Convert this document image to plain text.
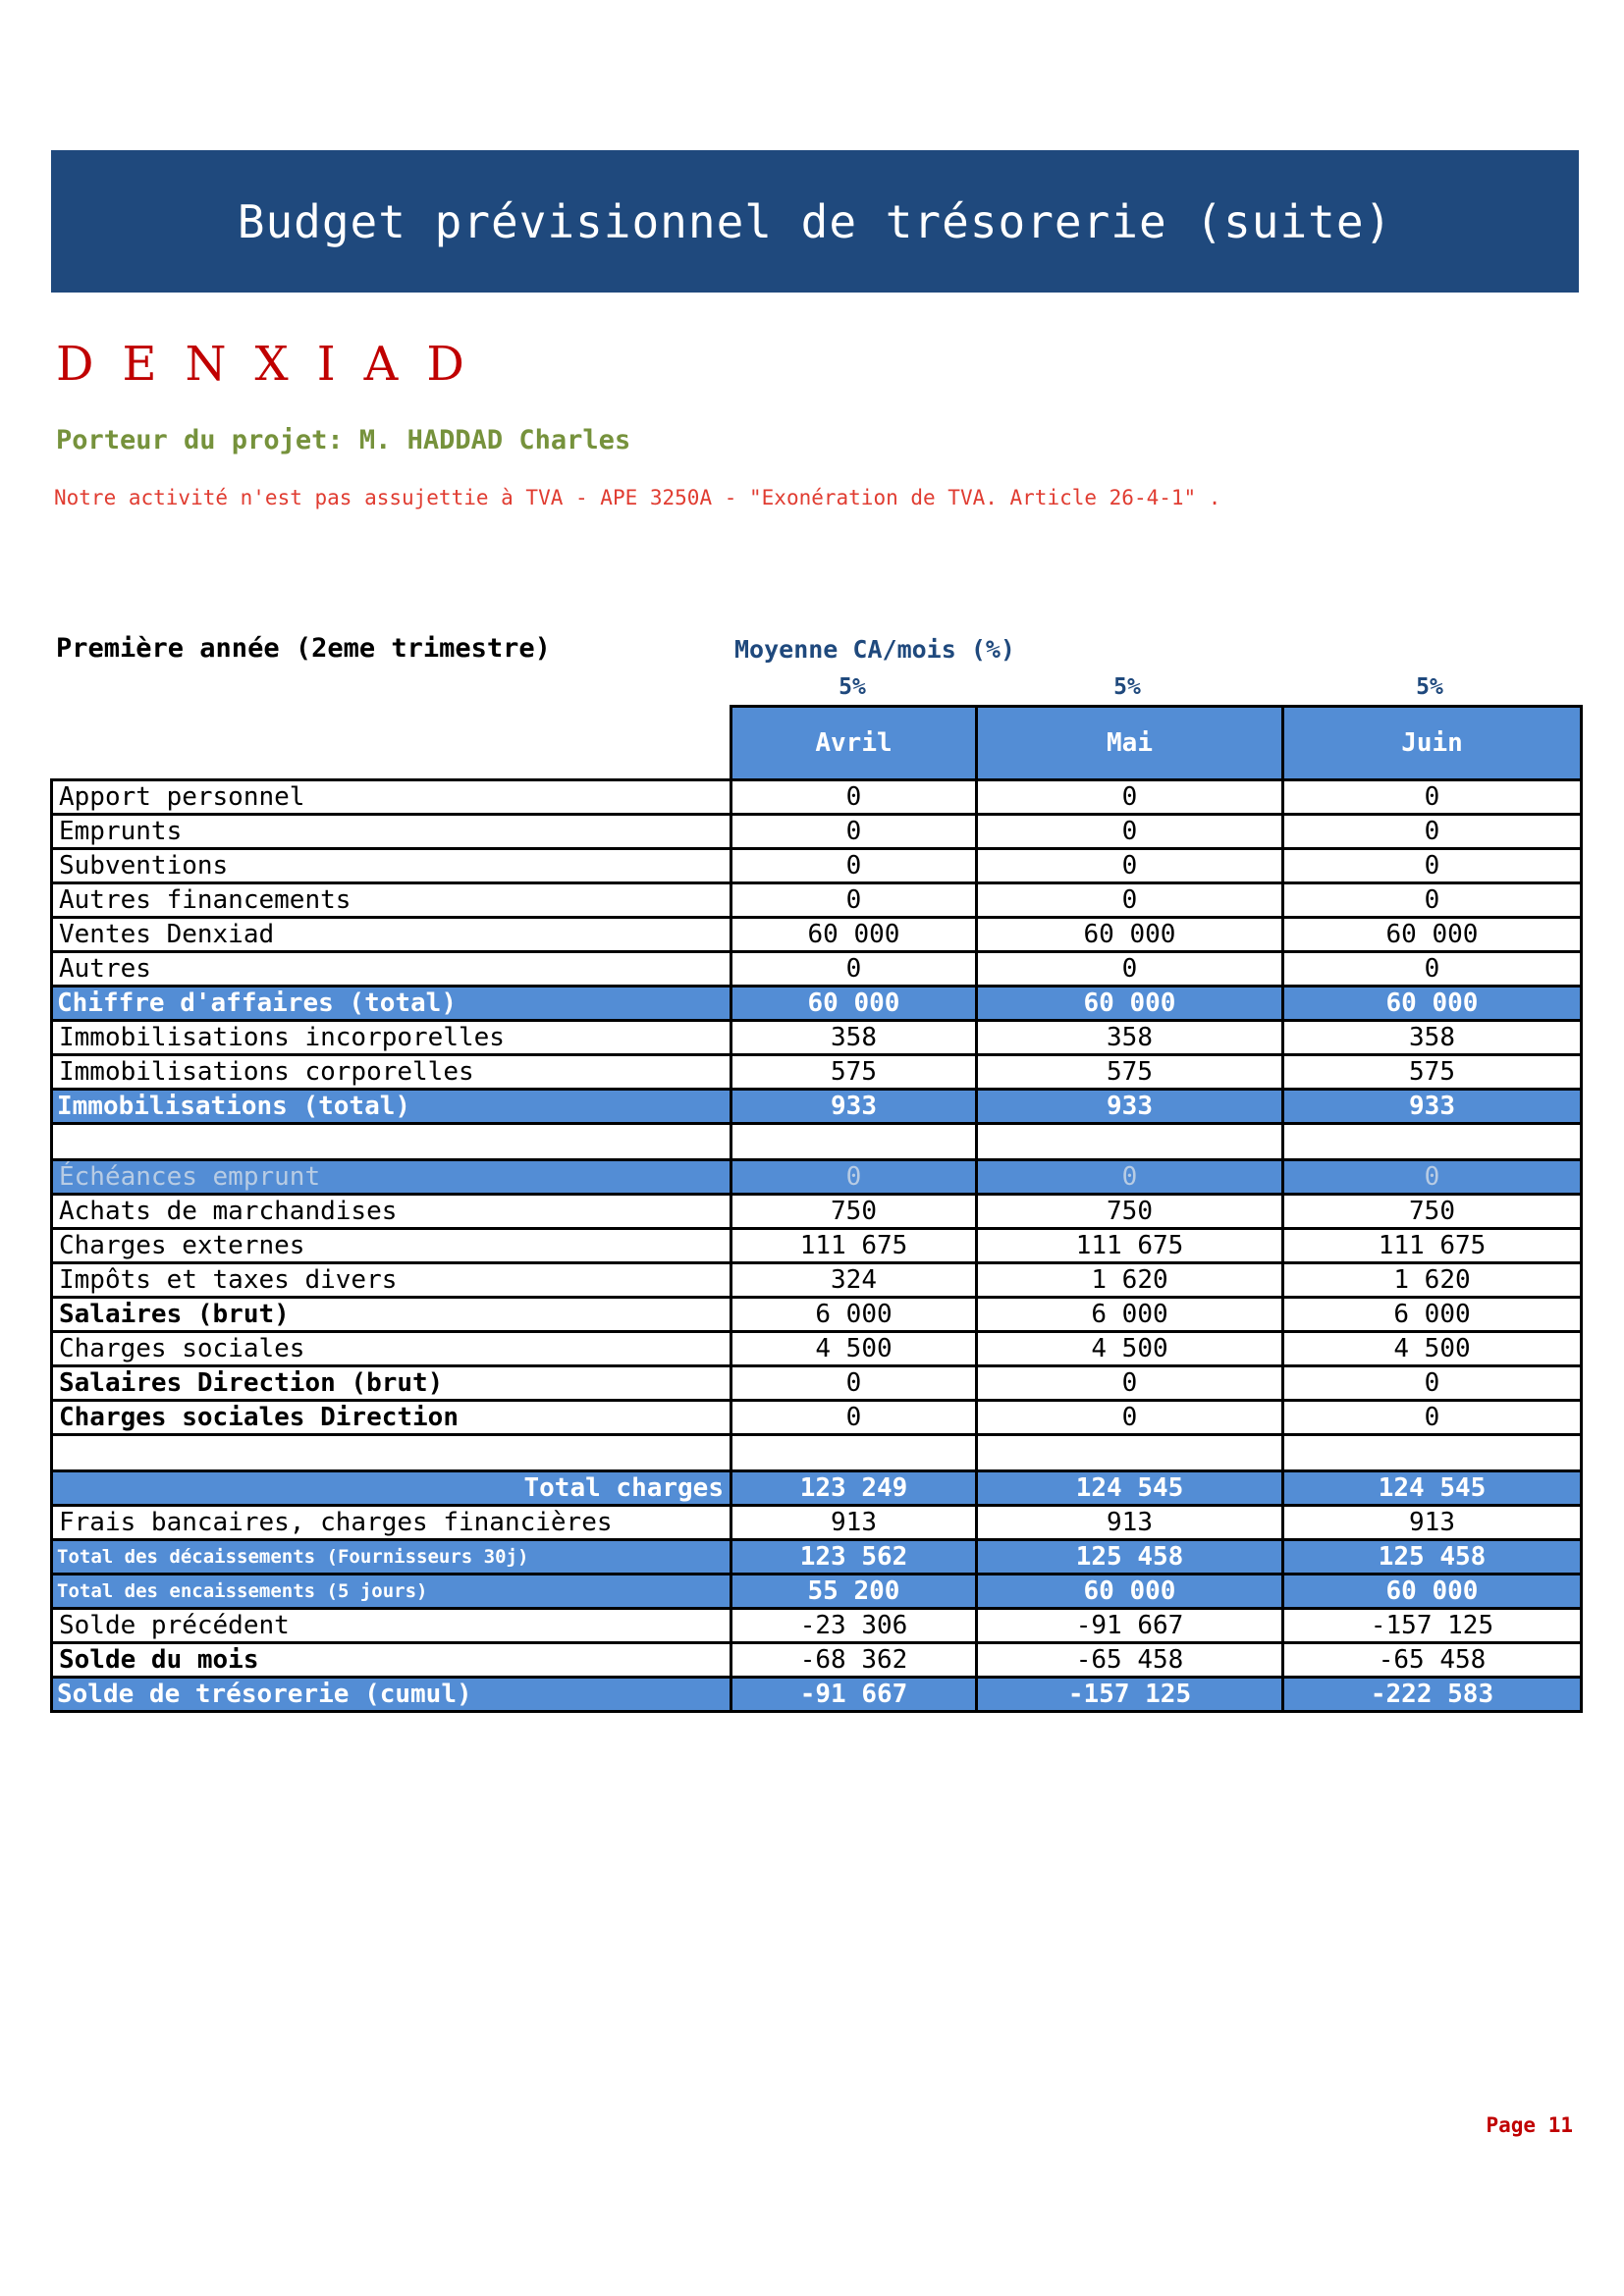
Budget prévisionnel de trésorerie (suite)
DENXIAD
Porteur du projet: M. HADDAD Charles
Notre activité n'est pas assujettie à TVA - APE 3250A - "Exonération de TVA. Article 26-4-1" .
Première année (2eme trimestre)	Moyenne CA/mois (%)
5%	5%	5%
	Avril	Mai	Juin
Apport personnel	0	0	0
Emprunts	0	0	0
Subventions	0	0	0
Autres financements	0	0	0
Ventes Denxiad	60 000	60 000	60 000
Autres	0	0	0
Chiffre d'affaires (total)	60 000	60 000	60 000
Immobilisations incorporelles	358	358	358
Immobilisations corporelles	575	575	575
Immobilisations (total)	933	933	933

Échéances emprunt	0	0	0
Achats de marchandises	750	750	750
Charges externes	111 675	111 675	111 675
Impôts et taxes divers	324	1 620	1 620
Salaires (brut)	6 000	6 000	6 000
Charges sociales	4 500	4 500	4 500
Salaires Direction (brut)	0	0	0
Charges sociales Direction	0	0	0

Total charges	123 249	124 545	124 545
Frais bancaires, charges financières	913	913	913
Total des décaissements (Fournisseurs 30j)	123 562	125 458	125 458
Total des encaissements (5 jours)	55 200	60 000	60 000
Solde précédent	-23 306	-91 667	-157 125
Solde du mois	-68 362	-65 458	-65 458
Solde de trésorerie (cumul)	-91 667	-157 125	-222 583
Page 11
